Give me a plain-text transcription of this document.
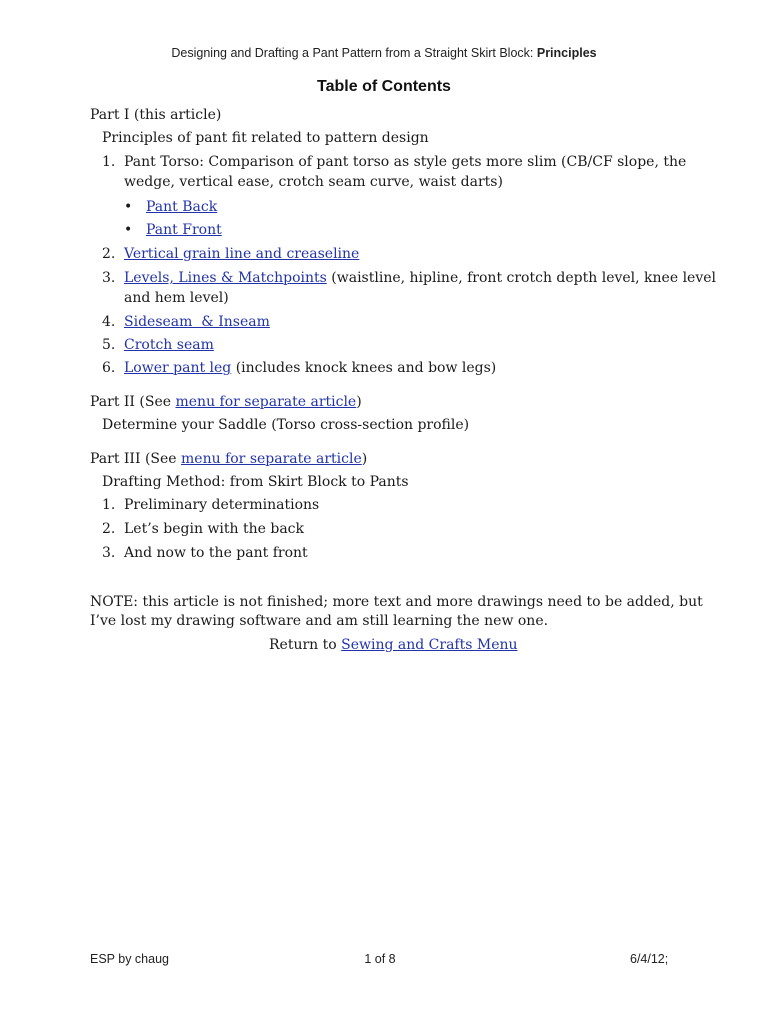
Designing and Drafting a Pant Pattern from a Straight Skirt Block: Principles
Table of Contents
Part I (this article)
Principles of pant fit related to pattern design
1. Pant Torso: Comparison of pant torso as style gets more slim (CB/CF slope, the
wedge, vertical ease, crotch seam curve, waist darts)
• Pant Back
• Pant Front
2. Vertical grain line and creaseline
3. Levels, Lines & Matchpoints (waistline, hipline, front crotch depth level, knee level
and hem level)
4. Sideseam  & Inseam
5. Crotch seam
6. Lower pant leg (includes knock knees and bow legs)
Part II (See menu for separate article)
Determine your Saddle (Torso cross-section profile)
Part III (See menu for separate article)
Drafting Method: from Skirt Block to Pants
1. Preliminary determinations
2. Let’s begin with the back
3. And now to the pant front
NOTE: this article is not finished; more text and more drawings need to be added, but
I’ve lost my drawing software and am still learning the new one.
Return to Sewing and Crafts Menu
ESP by chaug	1 of 8	6/4/12;
